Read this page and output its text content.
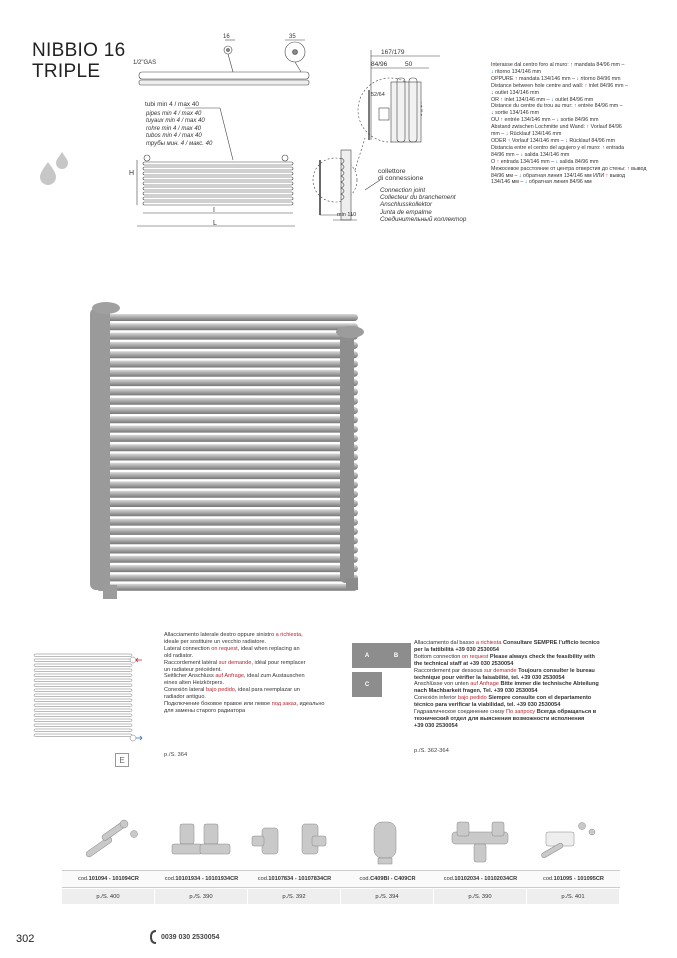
NIBBIO 16
TRIPLE
16	35
1/2"GAS
H
I
L
tubi min 4 / max 40
pipes min 4 / max 40
tuyaux min 4 / max 40
rohre min 4 / max 40
tubos min 4 / max 40
трубы мин. 4 / макс. 40
167/179
84/96	50
52/64
min 110
collettore
di connessione
Connection joint
Collecteur du branchement
Anschlusskollektor
Junta de empalme
Соединительный коллектор
Interasse dal centro foro al muro: ↑ mandata 84/96 mm –
↓ ritorno 134/146 mm
OPPURE ↑ mandata 134/146 mm – ↓ ritorno 84/96 mm
Distance between hole centre and wall: ↑ inlet 84/96 mm –
↓ outlet 134/146 mm
OR ↑ inlet 134/146 mm – ↓ outlet 84/96 mm
Distance du centre du trou au mur: ↑ entrée 84/96 mm –
↓ sortie 134/146 mm
OU ↑ entrée 134/146 mm – ↓ sortie 84/96 mm
Abstand zwischen Lochmitte und Wand: ↑ Vorlauf 84/96
mm – ↓ Rücklauf 134/146 mm
ODER ↑ Vorlauf 134/146 mm – ↓ Rücklauf 84/96 mm
Distancia entre el centro del agujero y el muro: ↑ entrada
84/96 mm – ↓ salida 134/146 mm
O ↑ entrada 134/146 mm – ↓ salida 84/96 mm
Межосевое расстояние от центра отверстия до стены: ↑ вывод
84/96 мм – ↓ обратная линия 134/146 мм ИЛИ ↑ вывод
134/146 мм – ↓ обратная линия 84/96 мм
Allacciamento laterale destro oppure sinistro a richiesta,
ideale per sostituire un vecchio radiatore.
Lateral connection on request, ideal when replacing an
old radiator.
Raccordement latéral sur demande, idéal pour remplacer
un radiateur précédent.
Seitlicher Anschluss auf Anfrage, ideal zum Austauschen
eines alten Heizkörpers.
Conexión lateral bajo pedido, ideal para reemplazar un
radiador antiguo.
Подключение боковое правое или левое под заказ, идеально
для замены старого радиатора
E
p./S. 364
A	B
C
Allacciamento dal basso a richiesta Consultare SEMPRE l'ufficio tecnico
per la fattibilità +39 030 2530054
Bottom connection on request Please always check the feasibility with
the technical staff at +39 030 2530054
Raccordement par dessous sur demande Toujours consulter le bureau
technique pour vérifier la faisabilité, tel. +39 030 2530054
Anschlüsse von unten auf Anfrage Bitte immer die technische Abteilung
nach Machbarkeit fragen, Tel. +39 030 2530054
Conexión inferior bajo pedido Siempre consulte con el departamento
técnico para verificar la viabilidad, tel. +39 030 2530054
Гидравлическое соединение снизу По запросу Всегда обращаться в
технический отдел для выяснения возможности исполнения
+39 030 2530054
p./S. 362-364
cod. 101094 - 101094CR	cod. 10101934 - 10101934CR	cod. 10107834 - 10107834CR	cod. C409BI - C409CR	cod. 10102034 - 10102034CR	cod. 101095 - 101095CR
p./S. 400	p./S. 390	p./S. 392	p./S. 394	p./S. 390	p./S. 401
302	0039 030 2530054
